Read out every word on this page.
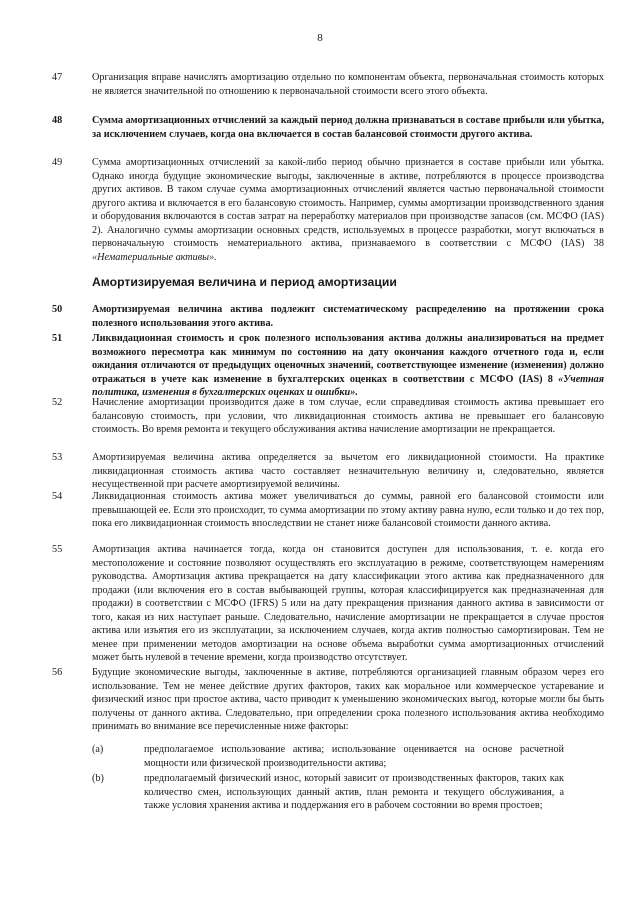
8
47	Организация вправе начислять амортизацию отдельно по компонентам объекта, первоначальная стоимость которых не является значительной по отношению к первоначальной стоимости всего этого объекта.
48	Сумма амортизационных отчислений за каждый период должна признаваться в составе прибыли или убытка, за исключением случаев, когда она включается в состав балансовой стоимости другого актива.
49	Сумма амортизационных отчислений за какой-либо период обычно признается в составе прибыли или убытка. Однако иногда будущие экономические выгоды, заключенные в активе, потребляются в процессе производства других активов. В таком случае сумма амортизационных отчислений является частью первоначальной стоимости другого актива и включается в его балансовую стоимость. Например, суммы амортизации производственного здания и оборудования включаются в состав затрат на переработку материалов при производстве запасов (см. МСФО (IAS) 2). Аналогично суммы амортизации основных средств, используемых в процессе разработки, могут включаться в первоначальную стоимость нематериального актива, признаваемого в соответствии с МСФО (IAS) 38 «Нематериальные активы».
Амортизируемая величина и период амортизации
50	Амортизируемая величина актива подлежит систематическому распределению на протяжении срока полезного использования этого актива.
51	Ликвидационная стоимость и срок полезного использования актива должны анализироваться на предмет возможного пересмотра как минимум по состоянию на дату окончания каждого отчетного года и, если ожидания отличаются от предыдущих оценочных значений, соответствующее изменение (изменения) должно отражаться в учете как изменение в бухгалтерских оценках в соответствии с МСФО (IAS) 8 «Учетная политика, изменения в бухгалтерских оценках и ошибки».
52	Начисление амортизации производится даже в том случае, если справедливая стоимость актива превышает его балансовую стоимость, при условии, что ликвидационная стоимость актива не превышает его балансовую стоимость. Во время ремонта и текущего обслуживания актива начисление амортизации не прекращается.
53	Амортизируемая величина актива определяется за вычетом его ликвидационной стоимости. На практике ликвидационная стоимость актива часто составляет незначительную величину и, следовательно, является несущественной при расчете амортизируемой величины.
54	Ликвидационная стоимость актива может увеличиваться до суммы, равной его балансовой стоимости или превышающей ее. Если это происходит, то сумма амортизации по этому активу равна нулю, если только и до тех пор, пока его ликвидационная стоимость впоследствии не станет ниже балансовой стоимости данного актива.
55	Амортизация актива начинается тогда, когда он становится доступен для использования, т. е. когда его местоположение и состояние позволяют осуществлять его эксплуатацию в режиме, соответствующем намерениям руководства. Амортизация актива прекращается на дату классификации этого актива как предназначенного для продажи (или включения его в состав выбывающей группы, которая классифицируется как предназначенная для продажи) в соответствии с МСФО (IFRS) 5 или на дату прекращения признания данного актива в зависимости от того, какая из них наступает раньше. Следовательно, начисление амортизации не прекращается в случае простоя актива или изъятия его из эксплуатации, за исключением случаев, когда актив полностью самортизирован. Тем не менее при применении методов амортизации на основе объема выработки сумма амортизационных отчислений может быть нулевой в течение времени, когда производство отсутствует.
56	Будущие экономические выгоды, заключенные в активе, потребляются организацией главным образом через его использование. Тем не менее действие других факторов, таких как моральное или коммерческое устаревание и физический износ при простое актива, часто приводит к уменьшению экономических выгод, которые могли бы быть получены от данного актива. Следовательно, при определении срока полезного использования актива необходимо принимать во внимание все перечисленные ниже факторы:
(a)	предполагаемое использование актива; использование оценивается на основе расчетной мощности или физической производительности актива;
(b)	предполагаемый физический износ, который зависит от производственных факторов, таких как количество смен, использующих данный актив, план ремонта и текущего обслуживания, а также условия хранения актива и поддержания его в рабочем состоянии во время простоев;
